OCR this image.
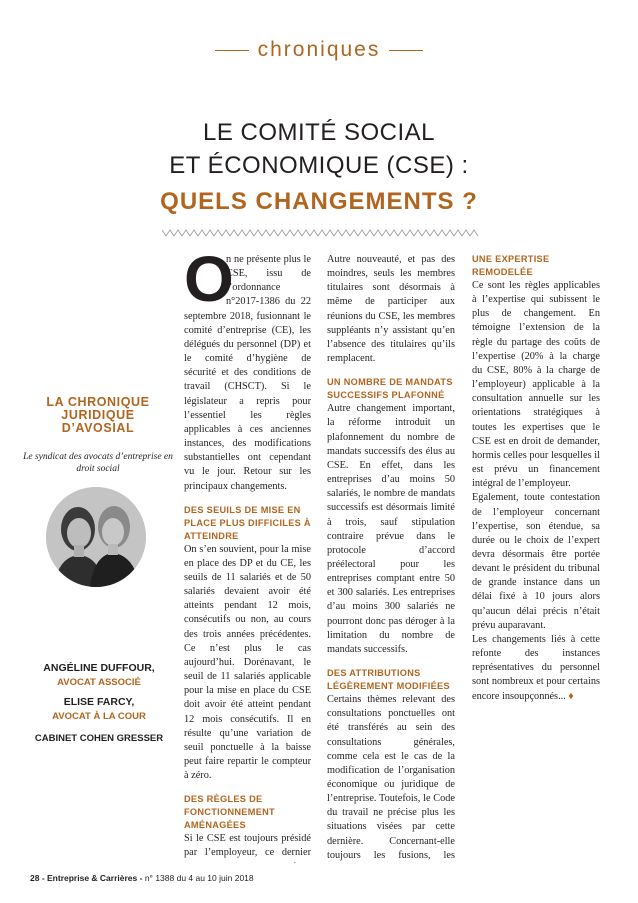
chroniques
LE COMITÉ SOCIAL
ET ÉCONOMIQUE (CSE) :
QUELS CHANGEMENTS ?
LA CHRONIQUE JURIDIQUE D’AVOSIAL
Le syndicat des avocats d’entreprise en droit social
ANGÉLINE DUFFOUR,
AVOCAT ASSOCIÉ
ELISE FARCY,
AVOCAT À LA COUR
CABINET COHEN GRESSER

O
n ne présente plus le CSE, issu de l’ordonnance n°2017-1386 du 22 septembre 2018, fusionnant le comité d’entreprise (CE), les délégués du personnel (DP) et le comité d’hygiène de sécurité et des conditions de travail (CHSCT). Si le législateur a repris pour l’essentiel les règles applicables à ces anciennes instances, des modifications substantielles ont cependant vu le jour. Retour sur les principaux changements.

DES SEUILS DE MISE EN PLACE PLUS DIFFICILES À ATTEINDRE

On s’en souvient, pour la mise en place des DP et du CE, les seuils de 11 salariés et de 50 salariés devaient avoir été atteints pendant 12 mois, consécutifs ou non, au cours des trois années précédentes. Ce n’est plus le cas aujourd’hui. Dorénavant, le seuil de 11 salariés applicable pour la mise en place du CSE doit avoir été atteint pendant 12 mois consécutifs. Il en résulte qu’une variation de seuil ponctuelle à la baisse peut faire repartir le compteur à zéro.

DES RÈGLES DE FONCTIONNEMENT AMÉNAGÉES

Si le CSE est toujours présidé par l’employeur, ce dernier

Autre nouveauté, et pas des moindres, seuls les membres titulaires sont désormais à même de participer aux réunions du CSE, les membres suppléants n’y assistant qu’en l’absence des titulaires qu’ils remplacent.

UN NOMBRE DE MANDATS SUCCESSIFS PLAFONNÉ

Autre changement important, la réforme introduit un plafonnement du nombre de mandats successifs des élus au CSE. En effet, dans les entreprises d’au moins 50 salariés, le nombre de mandats successifs est désormais limité à trois, sauf stipulation contraire prévue dans le protocole d’accord préélectoral pour les entreprises comptant entre 50 et 300 salariés. Les entreprises d’au moins 300 salariés ne pourront donc pas déroger à la limitation du nombre de mandats successifs.

DES ATTRIBUTIONS LÉGÈREMENT MODIFIÉES

Certains thèmes relevant des consultations ponctuelles ont été transférés au sein des consultations générales, comme cela est le cas de la modification de l’organisation économique ou juridique de l’entreprise. Toutefois, le Code du travail ne précise plus les situations visées par cette dernière. Concernant-elle toujours les fusions, les

UNE EXPERTISE REMODELÉE

Ce sont les règles applicables à l’expertise qui subissent le plus de changement. En témoigne l’extension de la règle du partage des coûts de l’expertise (20% à la charge du CSE, 80% à la charge de l’employeur) applicable à la consultation annuelle sur les orientations stratégiques à toutes les expertises que le CSE est en droit de demander, hormis celles pour lesquelles il est prévu un financement intégral de l’employeur.

Egalement, toute contestation de l’employeur concernant l’expertise, son étendue, sa durée ou le choix de l’expert devra désormais être portée devant le président du tribunal de grande instance dans un délai fixé à 10 jours alors qu’aucun délai précis n’était prévu auparavant.

Les changements liés à cette refonte des instances représentatives du personnel sont nombreux et pour certains encore insoupçonnés... ♦

28 - Entreprise & Carrières - n° 1388 du 4 au 10 juin 2018
